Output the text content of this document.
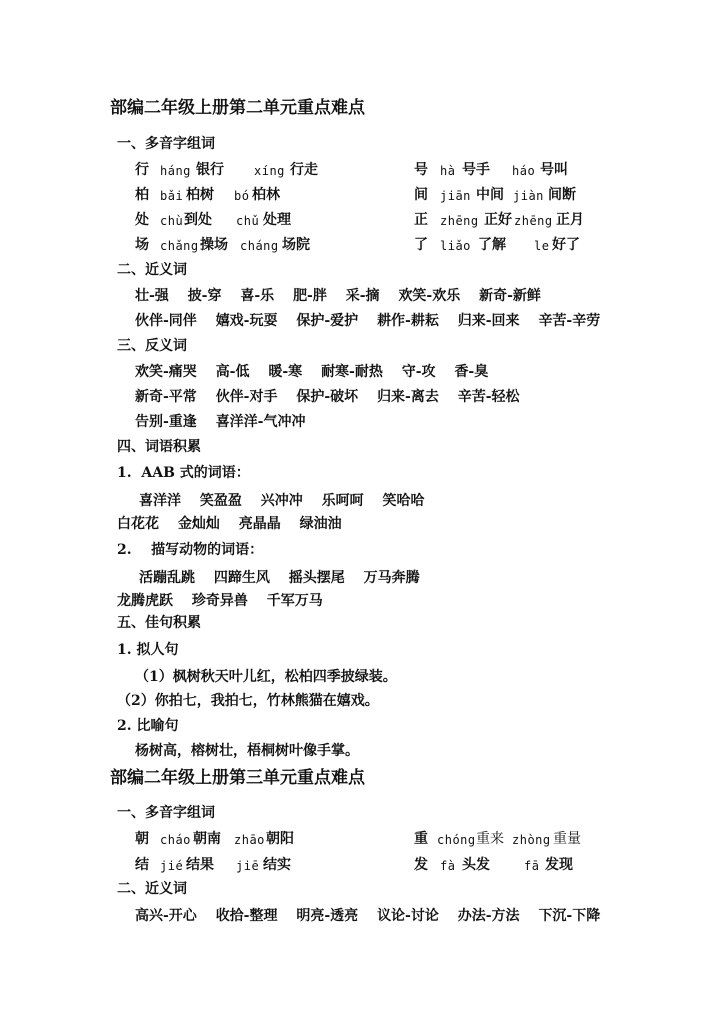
部编二年级上册第二单元重点难点
一、多音字组词
行 háng 银行	xíng 行走	号 hà 号手 háo 号叫
柏 bǎi 柏树 bó 柏林	间 jiān 中间 jiàn 间断
处 chù 到处 chǔ 处理	正 zhēng 正好 zhēng 正月
场 chǎng 操场 cháng 场院	了 liǎo 了解 le 好了
二、近义词
壮-强 披-穿 喜-乐 肥-胖 采-摘 欢笑-欢乐 新奇-新鲜
伙伴-同伴 嬉戏-玩耍 保护-爱护 耕作-耕耘 归来-回来 辛苦-辛劳
三、反义词
欢笑-痛哭 高-低 暖-寒 耐寒-耐热 守-攻 香-臭
新奇-平常 伙伴-对手 保护-破坏 归来-离去 辛苦-轻松
告别-重逢 喜洋洋-气冲冲
四、词语积累
1.  AAB 式的词语：
喜洋洋 笑盈盈 兴冲冲 乐呵呵 笑哈哈
白花花 金灿灿 亮晶晶 绿油油
2.    描写动物的词语：
活蹦乱跳 四蹄生风 摇头摆尾 万马奔腾
龙腾虎跃 珍奇异兽 千军万马
五、佳句积累
1. 拟人句
（1）枫树秋天叶儿红，松柏四季披绿装。
（2）你拍七，我拍七，竹林熊猫在嬉戏。
2. 比喻句
杨树高，榕树壮，梧桐树叶像手掌。
部编二年级上册第三单元重点难点
一、多音字组词
朝 cháo 朝南 zhāo 朝阳	重 chóng 重来 zhòng 重量
结 jié 结果 jiē 结实	发 fà 头发	fā 发现
二、近义词
高兴-开心 收拾-整理 明亮-透亮 议论-讨论 办法-方法 下沉-下降
